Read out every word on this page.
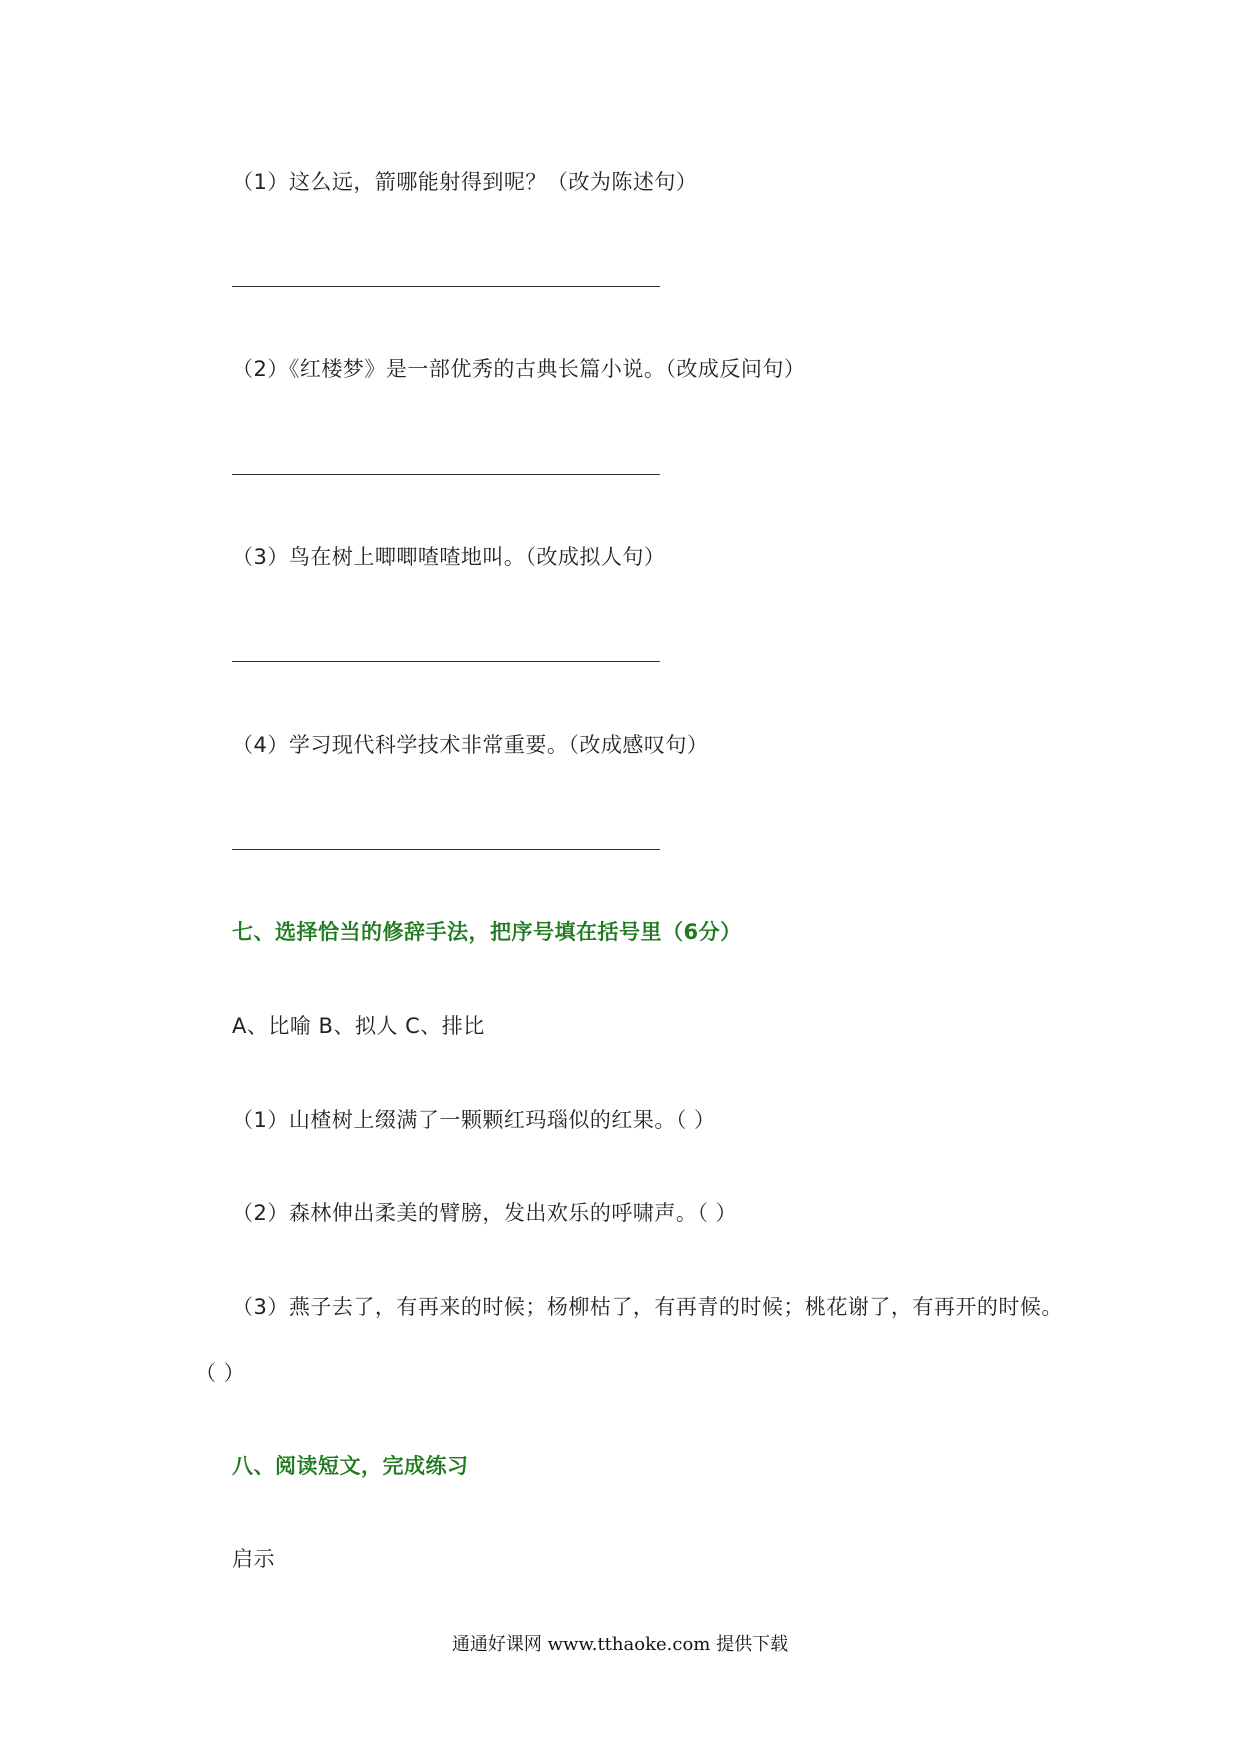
（1）这么远，箭哪能射得到呢？（改为陈述句）
（2）《红楼梦》是一部优秀的古典长篇小说。（改成反问句）
（3）鸟在树上唧唧喳喳地叫。（改成拟人句）
（4）学习现代科学技术非常重要。（改成感叹句）
七、选择恰当的修辞手法，把序号填在括号里（6分）
A、比喻 B、拟人 C、排比
（1）山楂树上缀满了一颗颗红玛瑙似的红果。（ ）
（2）森林伸出柔美的臂膀，发出欢乐的呼啸声。（ ）
（3）燕子去了，有再来的时候；杨柳枯了，有再青的时候；桃花谢了，有再开的时候。
（ ）
八、阅读短文，完成练习
启示
通通好课网 www.tthaoke.com 提供下载
